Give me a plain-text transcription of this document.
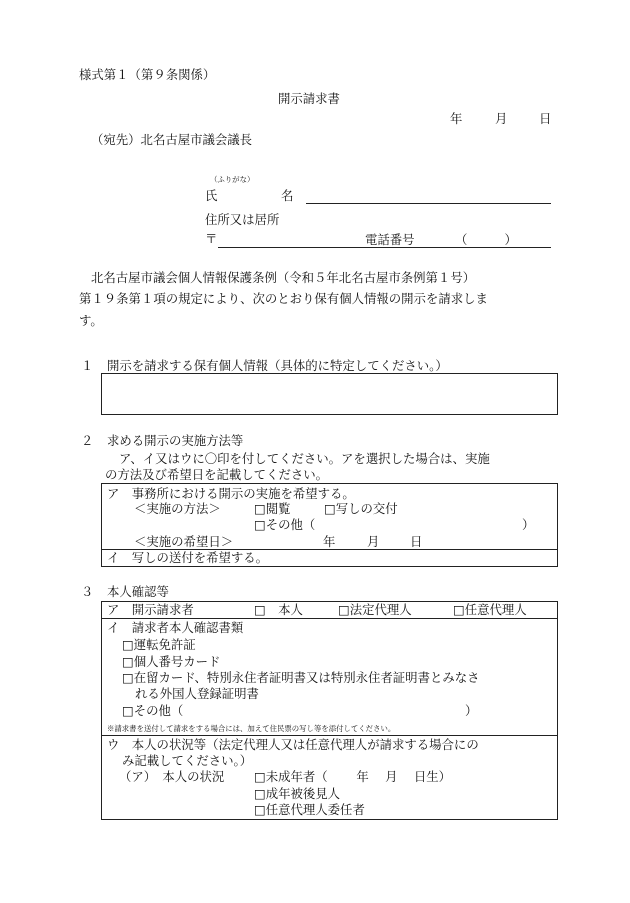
様式第１（第９条関係）
開示請求書
年	月	日
（宛先）北名古屋市議会議長
（ふりがな）
氏	名
住所又は居所
〒	電話番号	（　　　）
北名古屋市議会個人情報保護条例（令和５年北名古屋市条例第１号）
第１９条第１項の規定により、次のとおり保有個人情報の開示を請求しま
す。
１ 開示を請求する保有個人情報（具体的に特定してください。）
２ 求める開示の実施方法等
ア、イ又はウに〇印を付してください。アを選択した場合は、実施
の方法及び希望日を記載してください。
ア　事務所における開示の実施を希望する。
＜実施の方法＞	□閲覧	□写しの交付
□その他（	）
＜実施の希望日＞	年	月 日
イ　写しの送付を希望する。
３ 本人確認等
ア　開示請求者	□　本人	□法定代理人	□任意代理人
イ　請求者本人確認書類
□運転免許証
□個人番号カード
□在留カード、特別永住者証明書又は特別永住者証明書とみなさ
れる外国人登録証明書
□その他（	）
※請求書を送付して請求をする場合には、加えて住民票の写し等を添付してください。
ウ　本人の状況等（法定代理人又は任意代理人が請求する場合にの
み記載してください。）
（ア）　本人の状況 □未成年者（　　 年　 月　 日生）
□成年被後見人
□任意代理人委任者
